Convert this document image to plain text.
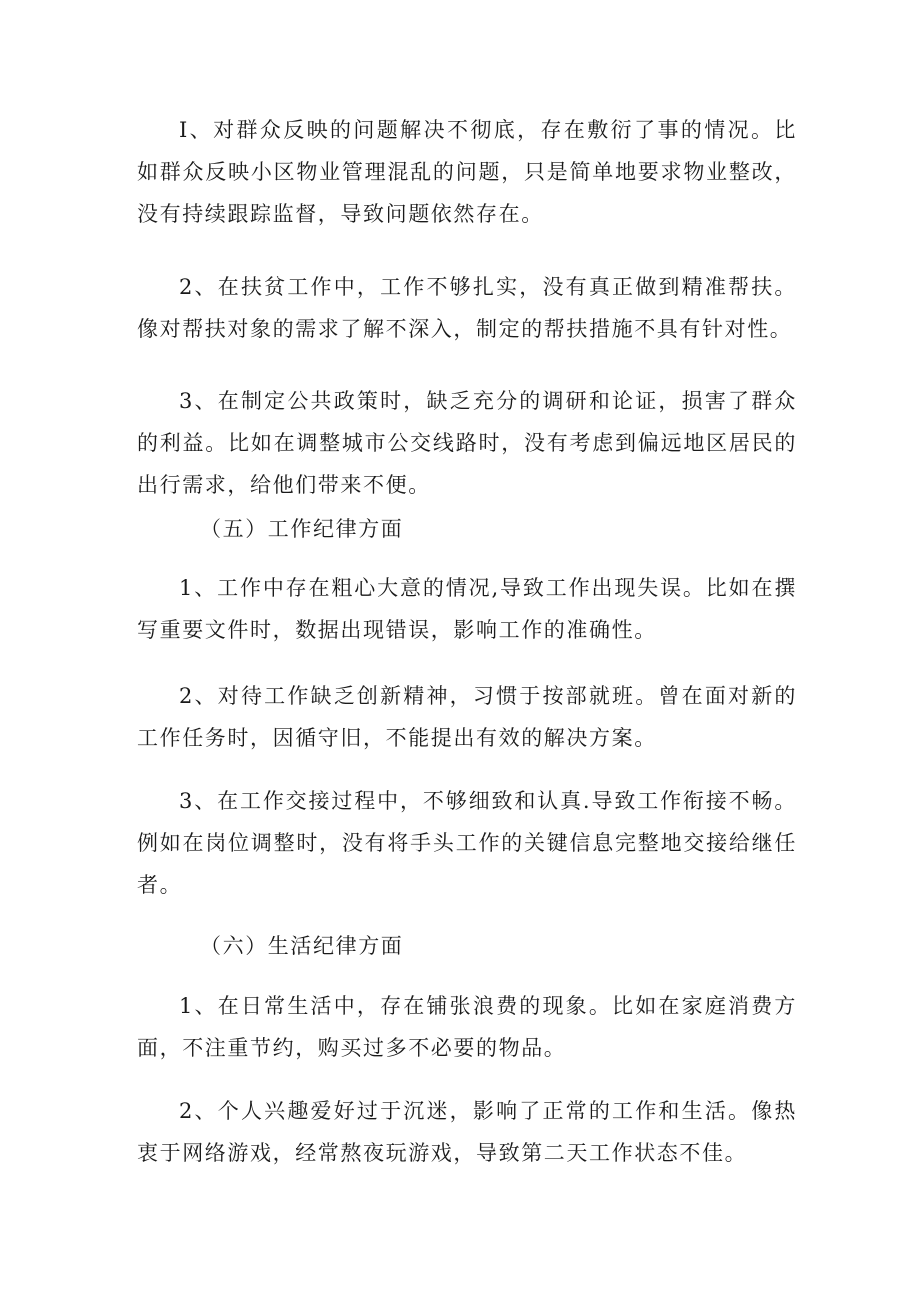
I、对群众反映的问题解决不彻底，存在敷衍了事的情况。比如群众反映小区物业管理混乱的问题，只是简单地要求物业整改，没有持续跟踪监督，导致问题依然存在。

2、在扶贫工作中，工作不够扎实，没有真正做到精准帮扶。像对帮扶对象的需求了解不深入，制定的帮扶措施不具有针对性。

3、在制定公共政策时，缺乏充分的调研和论证，损害了群众的利益。比如在调整城市公交线路时，没有考虑到偏远地区居民的出行需求，给他们带来不便。

（五）工作纪律方面

1、工作中存在粗心大意的情况,导致工作出现失误。比如在撰写重要文件时，数据出现错误，影响工作的准确性。

2、对待工作缺乏创新精神，习惯于按部就班。曾在面对新的工作任务时，因循守旧，不能提出有效的解决方案。

3、在工作交接过程中，不够细致和认真.导致工作衔接不畅。例如在岗位调整时，没有将手头工作的关键信息完整地交接给继任者。

（六）生活纪律方面

1、在日常生活中，存在铺张浪费的现象。比如在家庭消费方面，不注重节约，购买过多不必要的物品。

2、个人兴趣爱好过于沉迷，影响了正常的工作和生活。像热衷于网络游戏，经常熬夜玩游戏，导致第二天工作状态不佳。
